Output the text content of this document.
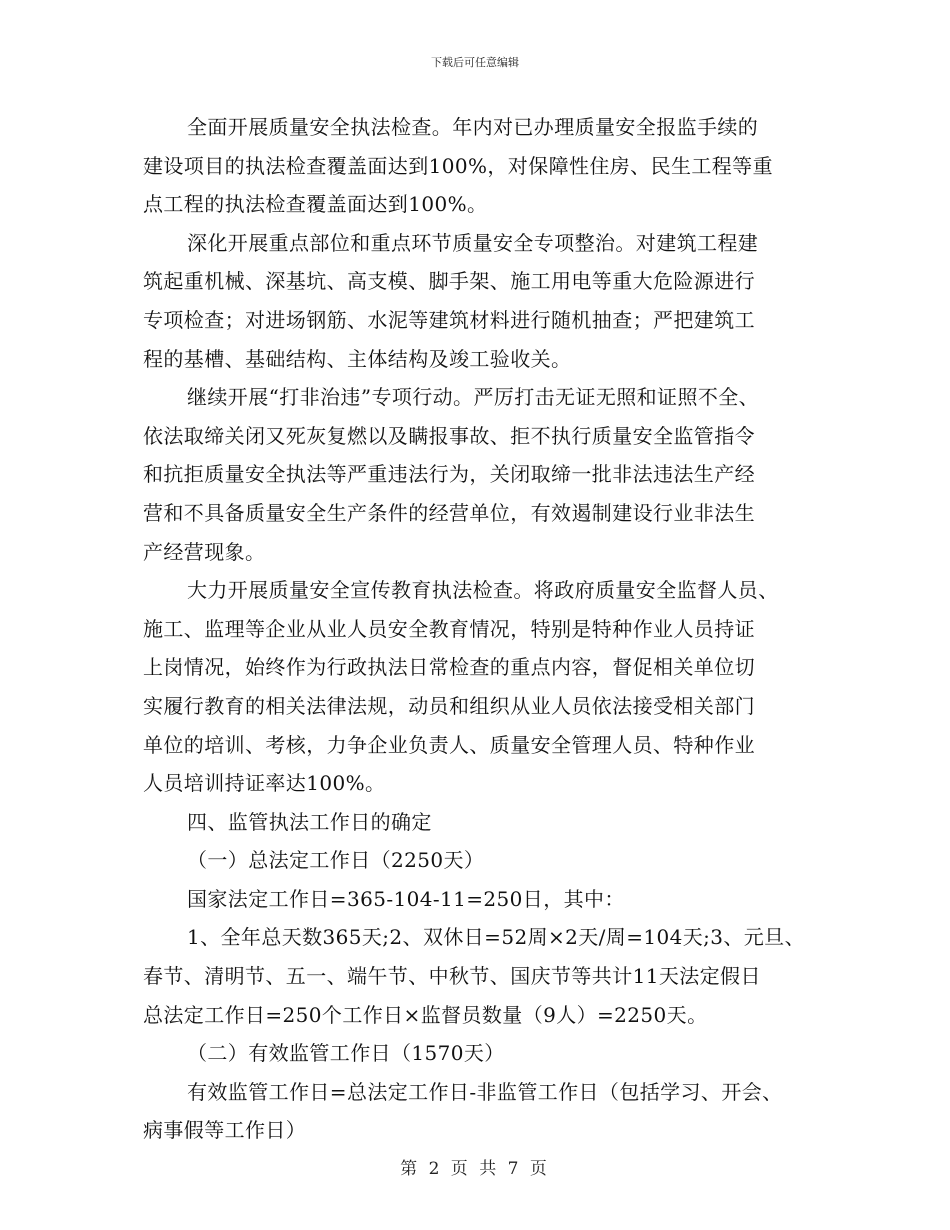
下载后可任意编辑
全面开展质量安全执法检查。年内对已办理质量安全报监手续的
建设项目的执法检查覆盖面达到100%，对保障性住房、民生工程等重
点工程的执法检查覆盖面达到100%。
深化开展重点部位和重点环节质量安全专项整治。对建筑工程建
筑起重机械、深基坑、高支模、脚手架、施工用电等重大危险源进行
专项检查；对进场钢筋、水泥等建筑材料进行随机抽查；严把建筑工
程的基槽、基础结构、主体结构及竣工验收关。
继续开展“打非治违”专项行动。严厉打击无证无照和证照不全、
依法取缔关闭又死灰复燃以及瞒报事故、拒不执行质量安全监管指令
和抗拒质量安全执法等严重违法行为，关闭取缔一批非法违法生产经
营和不具备质量安全生产条件的经营单位，有效遏制建设行业非法生
产经营现象。
大力开展质量安全宣传教育执法检查。将政府质量安全监督人员、
施工、监理等企业从业人员安全教育情况，特别是特种作业人员持证
上岗情况，始终作为行政执法日常检查的重点内容，督促相关单位切
实履行教育的相关法律法规，动员和组织从业人员依法接受相关部门
单位的培训、考核，力争企业负责人、质量安全管理人员、特种作业
人员培训持证率达100%。
四、监管执法工作日的确定
（一）总法定工作日（2250天）
国家法定工作日=365-104-11=250日，其中：
1、全年总天数365天;2、双休日=52周×2天/周=104天;3、元旦、
春节、清明节、五一、端午节、中秋节、国庆节等共计11天法定假日
总法定工作日=250个工作日×监督员数量（9人）=2250天。
（二）有效监管工作日（1570天）
有效监管工作日=总法定工作日-非监管工作日（包括学习、开会、
病事假等工作日）
第 2 页 共 7 页
